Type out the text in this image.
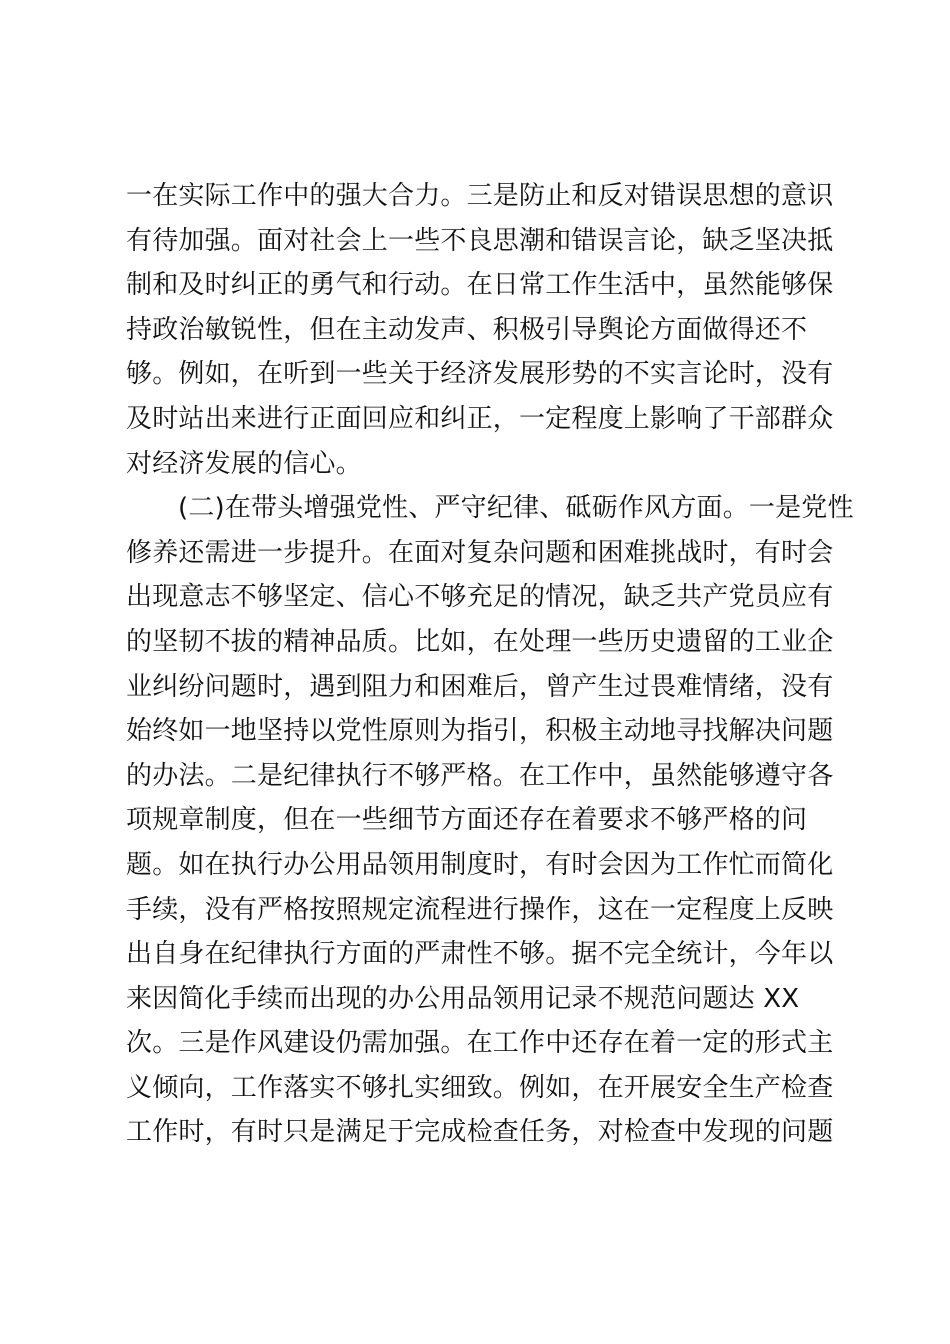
一在实际工作中的强大合力。三是防止和反对错误思想的意识
有待加强。面对社会上一些不良思潮和错误言论，缺乏坚决抵
制和及时纠正的勇气和行动。在日常工作生活中，虽然能够保
持政治敏锐性，但在主动发声、积极引导舆论方面做得还不
够。例如，在听到一些关于经济发展形势的不实言论时，没有
及时站出来进行正面回应和纠正，一定程度上影响了干部群众
对经济发展的信心。
(二)在带头增强党性、严守纪律、砥砺作风方面。一是党性
修养还需进一步提升。在面对复杂问题和困难挑战时，有时会
出现意志不够坚定、信心不够充足的情况，缺乏共产党员应有
的坚韧不拔的精神品质。比如，在处理一些历史遗留的工业企
业纠纷问题时，遇到阻力和困难后，曾产生过畏难情绪，没有
始终如一地坚持以党性原则为指引，积极主动地寻找解决问题
的办法。二是纪律执行不够严格。在工作中，虽然能够遵守各
项规章制度，但在一些细节方面还存在着要求不够严格的问
题。如在执行办公用品领用制度时，有时会因为工作忙而简化
手续，没有严格按照规定流程进行操作，这在一定程度上反映
出自身在纪律执行方面的严肃性不够。据不完全统计，今年以
来因简化手续而出现的办公用品领用记录不规范问题达 XX
次。三是作风建设仍需加强。在工作中还存在着一定的形式主
义倾向，工作落实不够扎实细致。例如，在开展安全生产检查
工作时，有时只是满足于完成检查任务，对检查中发现的问题
